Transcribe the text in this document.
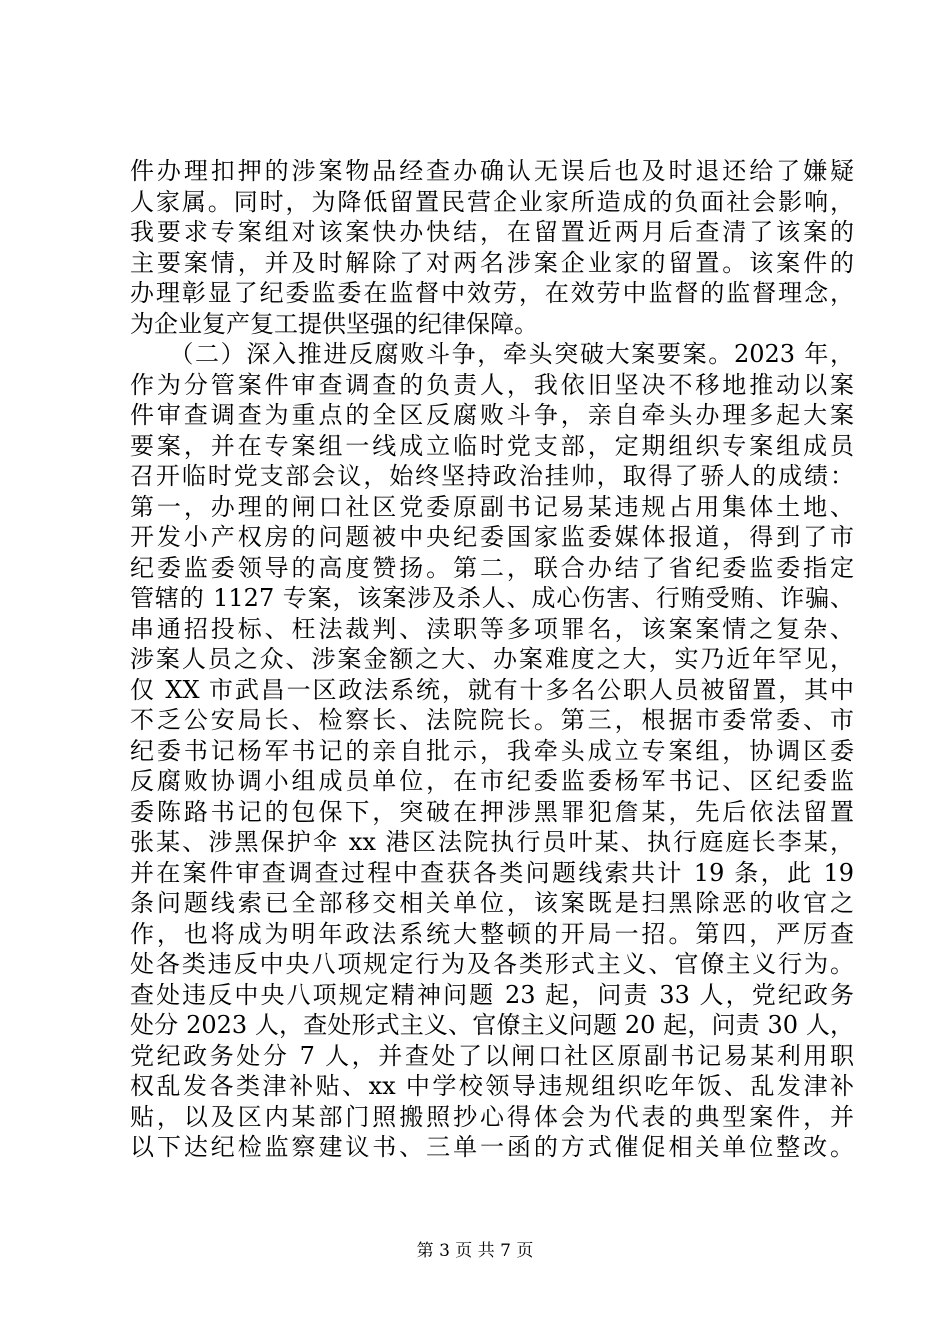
件办理扣押的涉案物品经查办确认无误后也及时退还给了嫌疑
人家属。同时，为降低留置民营企业家所造成的负面社会影响，
我要求专案组对该案快办快结，在留置近两月后查清了该案的
主要案情，并及时解除了对两名涉案企业家的留置。该案件的
办理彰显了纪委监委在监督中效劳，在效劳中监督的监督理念，
为企业复产复工提供坚强的纪律保障。
　　（二）深入推进反腐败斗争，牵头突破大案要案。2023 年，
作为分管案件审查调查的负责人，我依旧坚决不移地推动以案
件审查调查为重点的全区反腐败斗争，亲自牵头办理多起大案
要案，并在专案组一线成立临时党支部，定期组织专案组成员
召开临时党支部会议，始终坚持政治挂帅，取得了骄人的成绩：
第一，办理的闸口社区党委原副书记易某违规占用集体土地、
开发小产权房的问题被中央纪委国家监委媒体报道，得到了市
纪委监委领导的高度赞扬。第二，联合办结了省纪委监委指定
管辖的 1127 专案，该案涉及杀人、成心伤害、行贿受贿、诈骗、
串通招投标、枉法裁判、渎职等多项罪名，该案案情之复杂、
涉案人员之众、涉案金额之大、办案难度之大，实乃近年罕见，
仅 XX 市武昌一区政法系统，就有十多名公职人员被留置，其中
不乏公安局长、检察长、法院院长。第三，根据市委常委、市
纪委书记杨军书记的亲自批示，我牵头成立专案组，协调区委
反腐败协调小组成员单位，在市纪委监委杨军书记、区纪委监
委陈路书记的包保下，突破在押涉黑罪犯詹某，先后依法留置
张某、涉黑保护伞 xx 港区法院执行员叶某、执行庭庭长李某，
并在案件审查调查过程中查获各类问题线索共计 19 条，此 19
条问题线索已全部移交相关单位，该案既是扫黑除恶的收官之
作，也将成为明年政法系统大整顿的开局一招。第四，严厉查
处各类违反中央八项规定行为及各类形式主义、官僚主义行为。
查处违反中央八项规定精神问题 23 起，问责 33 人，党纪政务
处分 2023 人，查处形式主义、官僚主义问题 20 起，问责 30 人，
党纪政务处分 7 人，并查处了以闸口社区原副书记易某利用职
权乱发各类津补贴、xx 中学校领导违规组织吃年饭、乱发津补
贴，以及区内某部门照搬照抄心得体会为代表的典型案件，并
以下达纪检监察建议书、三单一函的方式催促相关单位整改。
第 3 页 共 7 页
